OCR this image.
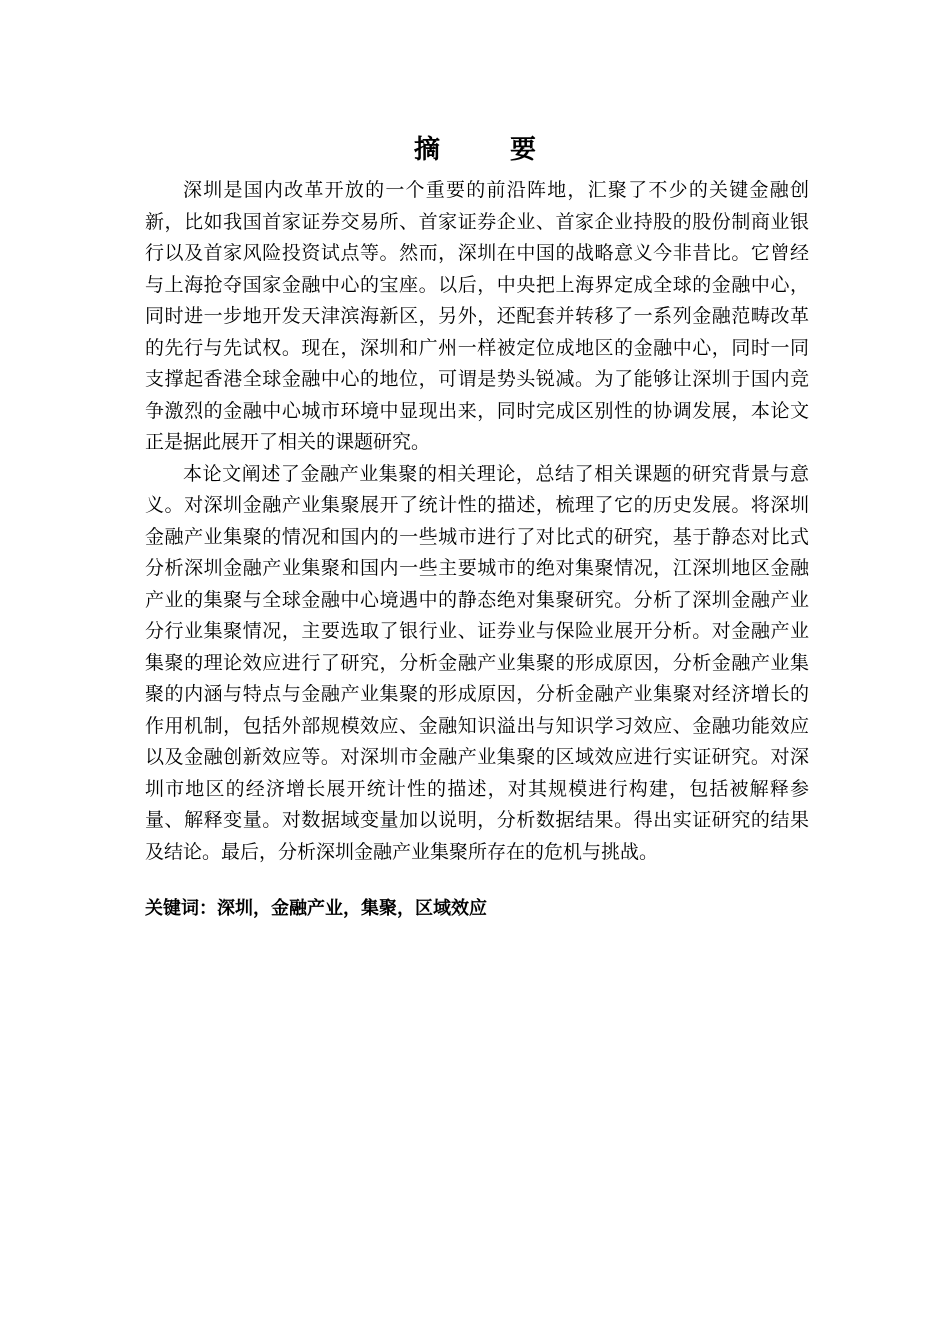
摘　要

深圳是国内改革开放的一个重要的前沿阵地，汇聚了不少的关键金融创新，比如我国首家证券交易所、首家证券企业、首家企业持股的股份制商业银行以及首家风险投资试点等。然而，深圳在中国的战略意义今非昔比。它曾经与上海抢夺国家金融中心的宝座。以后，中央把上海界定成全球的金融中心，同时进一步地开发天津滨海新区，另外，还配套并转移了一系列金融范畴改革的先行与先试权。现在，深圳和广州一样被定位成地区的金融中心，同时一同支撑起香港全球金融中心的地位，可谓是势头锐减。为了能够让深圳于国内竞争激烈的金融中心城市环境中显现出来，同时完成区别性的协调发展，本论文正是据此展开了相关的课题研究。

本论文阐述了金融产业集聚的相关理论，总结了相关课题的研究背景与意义。对深圳金融产业集聚展开了统计性的描述，梳理了它的历史发展。将深圳金融产业集聚的情况和国内的一些城市进行了对比式的研究，基于静态对比式分析深圳金融产业集聚和国内一些主要城市的绝对集聚情况，江深圳地区金融产业的集聚与全球金融中心境遇中的静态绝对集聚研究。分析了深圳金融产业分行业集聚情况，主要选取了银行业、证券业与保险业展开分析。对金融产业集聚的理论效应进行了研究，分析金融产业集聚的形成原因，分析金融产业集聚的内涵与特点与金融产业集聚的形成原因，分析金融产业集聚对经济增长的作用机制，包括外部规模效应、金融知识溢出与知识学习效应、金融功能效应以及金融创新效应等。对深圳市金融产业集聚的区域效应进行实证研究。对深圳市地区的经济增长展开统计性的描述，对其规模进行构建，包括被解释参量、解释变量。对数据域变量加以说明，分析数据结果。得出实证研究的结果及结论。最后，分析深圳金融产业集聚所存在的危机与挑战。

关键词：深圳，金融产业，集聚，区域效应
